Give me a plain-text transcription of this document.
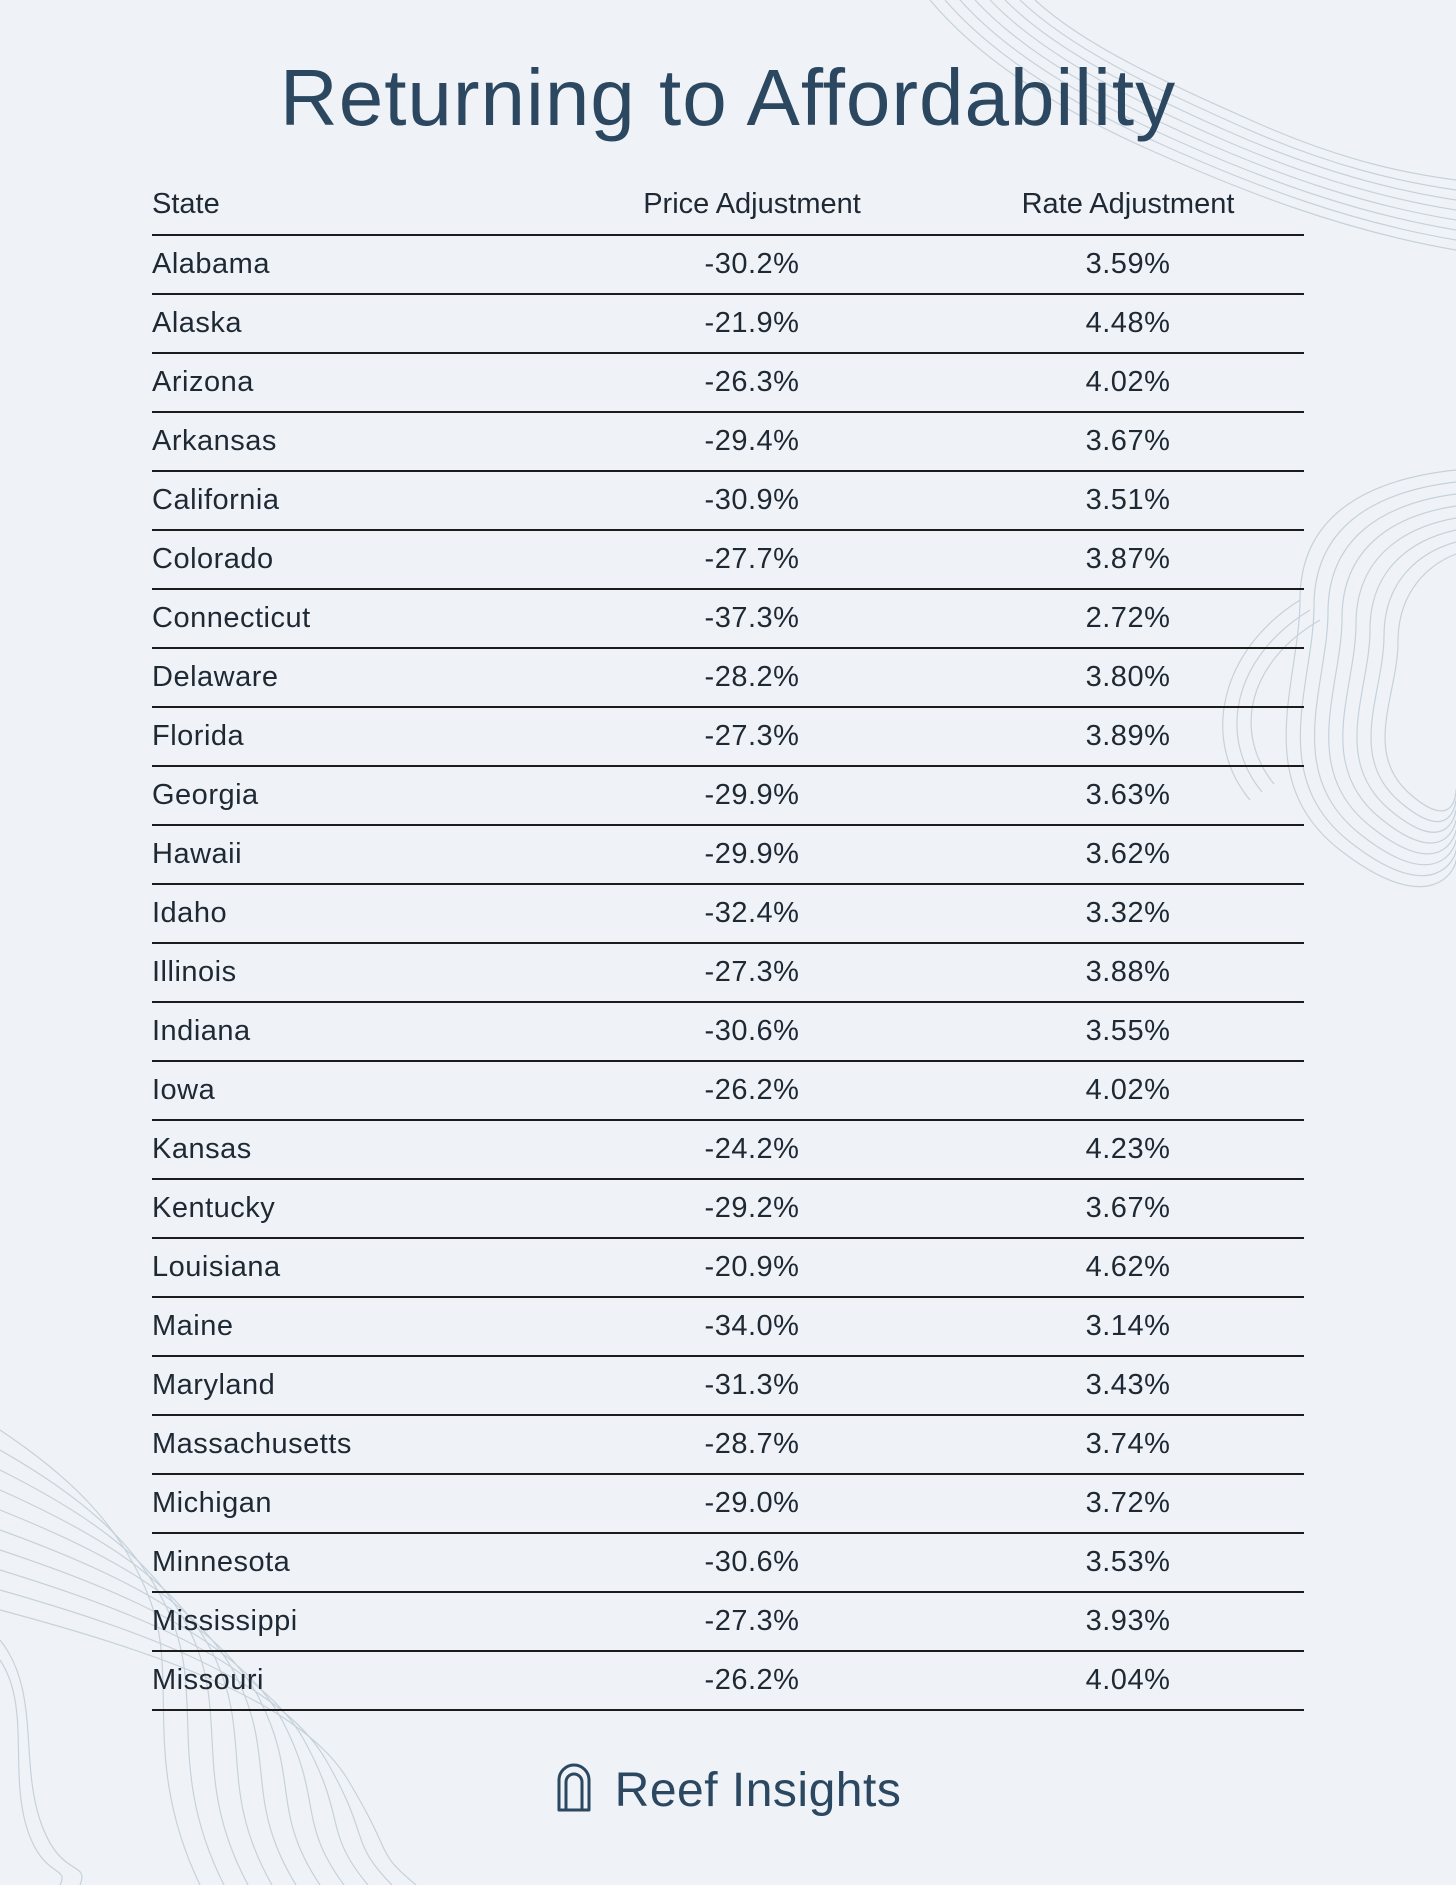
Returning to Affordability
State	Price Adjustment	Rate Adjustment
Alabama	-30.2%	3.59%
Alaska	-21.9%	4.48%
Arizona	-26.3%	4.02%
Arkansas	-29.4%	3.67%
California	-30.9%	3.51%
Colorado	-27.7%	3.87%
Connecticut	-37.3%	2.72%
Delaware	-28.2%	3.80%
Florida	-27.3%	3.89%
Georgia	-29.9%	3.63%
Hawaii	-29.9%	3.62%
Idaho	-32.4%	3.32%
Illinois	-27.3%	3.88%
Indiana	-30.6%	3.55%
Iowa	-26.2%	4.02%
Kansas	-24.2%	4.23%
Kentucky	-29.2%	3.67%
Louisiana	-20.9%	4.62%
Maine	-34.0%	3.14%
Maryland	-31.3%	3.43%
Massachusetts	-28.7%	3.74%
Michigan	-29.0%	3.72%
Minnesota	-30.6%	3.53%
Mississippi	-27.3%	3.93%
Missouri	-26.2%	4.04%
Reef Insights
